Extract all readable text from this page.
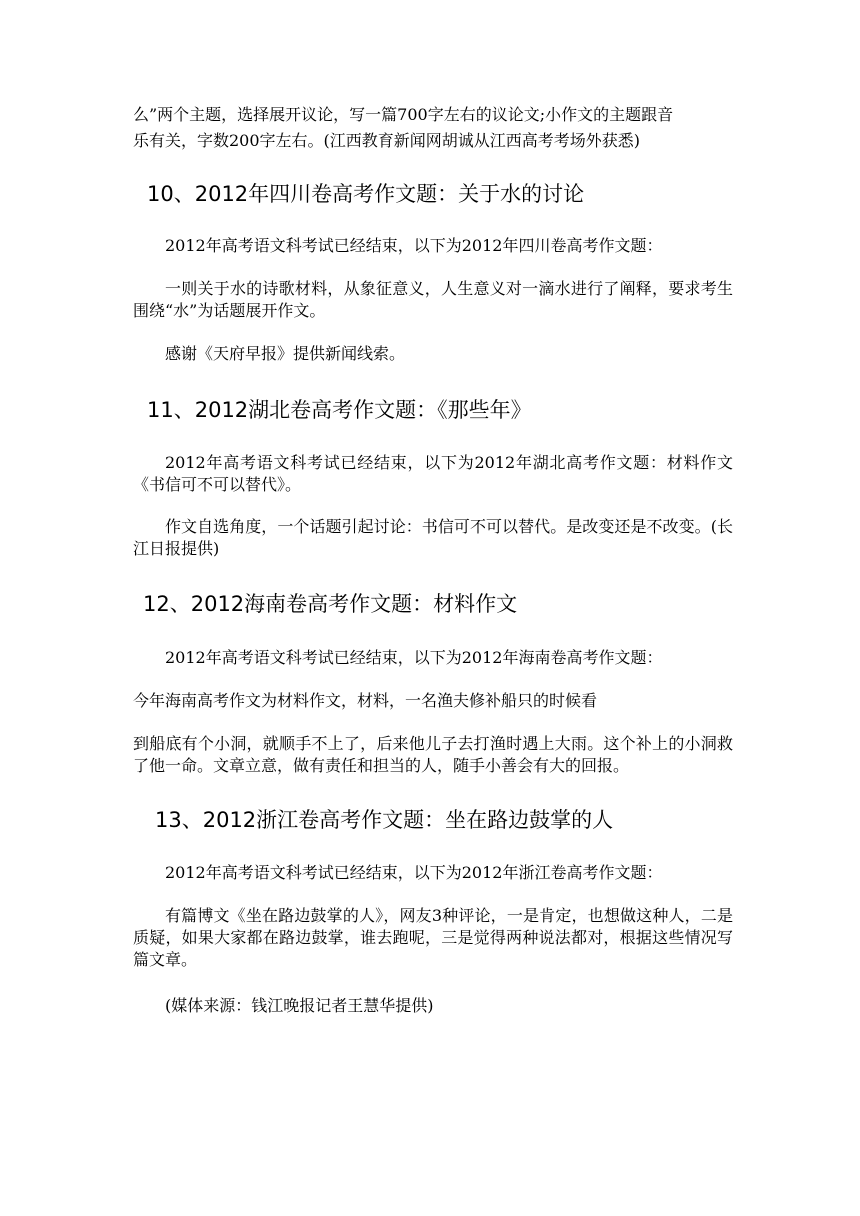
么”两个主题，选择展开议论，写一篇700字左右的议论文;小作文的主题跟音
乐有关，字数200字左右。(江西教育新闻网胡诚从江西高考考场外获悉)
10、2012年四川卷高考作文题：关于水的讨论
2012年高考语文科考试已经结束，以下为2012年四川卷高考作文题：
一则关于水的诗歌材料，从象征意义，人生意义对一滴水进行了阐释，要求考生围绕“水”为话题展开作文。
感谢《天府早报》提供新闻线索。
11、2012湖北卷高考作文题：《那些年》
2012年高考语文科考试已经结束，以下为2012年湖北高考作文题：材料作文《书信可不可以替代》。
作文自选角度，一个话题引起讨论：书信可不可以替代。是改变还是不改变。(长江日报提供)
12、2012海南卷高考作文题：材料作文
2012年高考语文科考试已经结束，以下为2012年海南卷高考作文题：
今年海南高考作文为材料作文，材料，一名渔夫修补船只的时候看
到船底有个小洞，就顺手不上了，后来他儿子去打渔时遇上大雨。这个补上的小洞救了他一命。文章立意，做有责任和担当的人，随手小善会有大的回报。
13、2012浙江卷高考作文题：坐在路边鼓掌的人
2012年高考语文科考试已经结束，以下为2012年浙江卷高考作文题：
有篇博文《坐在路边鼓掌的人》，网友3种评论，一是肯定，也想做这种人，二是质疑，如果大家都在路边鼓掌，谁去跑呢，三是觉得两种说法都对，根据这些情况写篇文章。
(媒体来源：钱江晚报记者王慧华提供)
